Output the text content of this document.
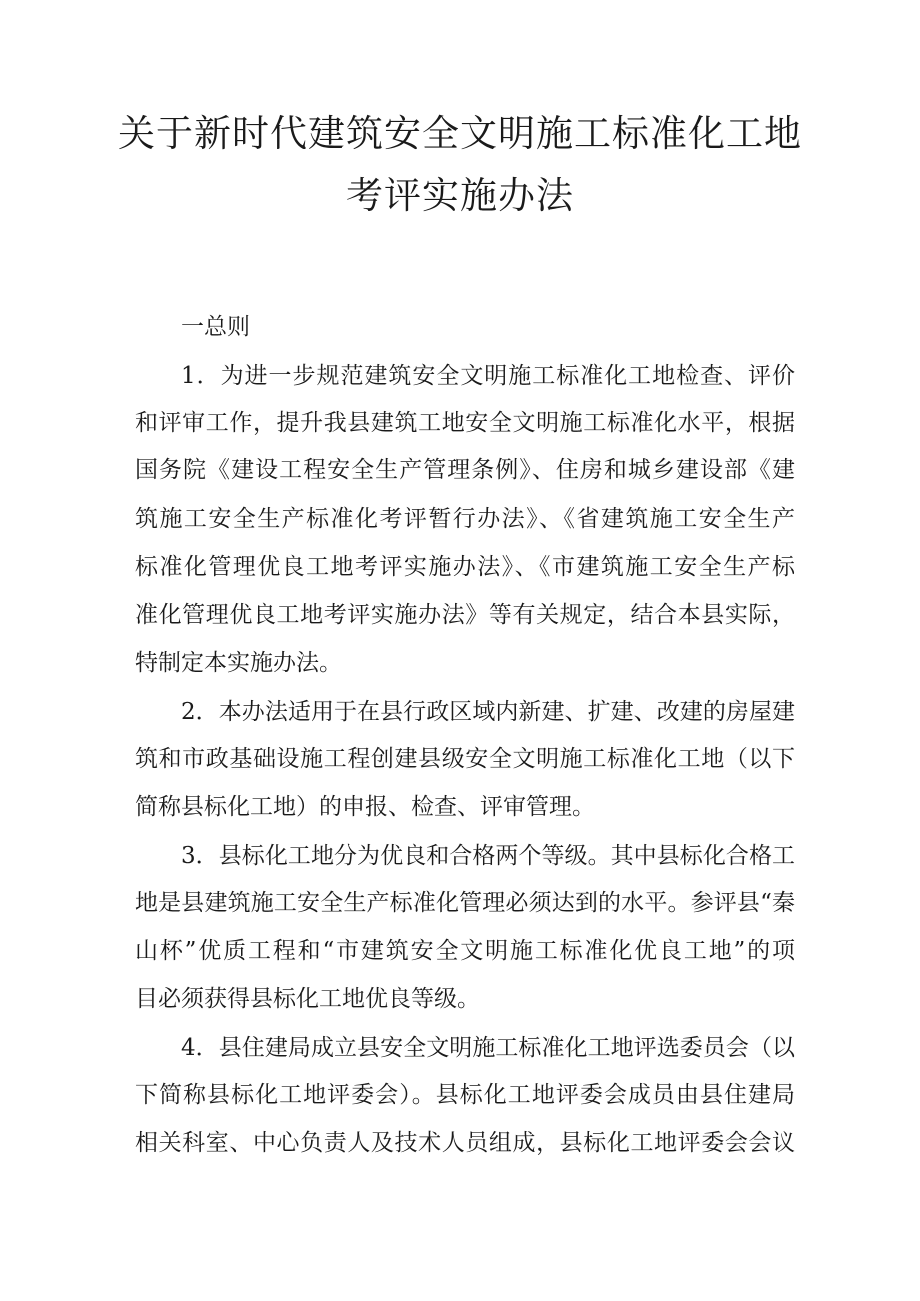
关于新时代建筑安全文明施工标准化工地
考评实施办法

一总则

1．为进一步规范建筑安全文明施工标准化工地检查、评价

和评审工作，提升我县建筑工地安全文明施工标准化水平，根据

国务院《建设工程安全生产管理条例》、住房和城乡建设部《建

筑施工安全生产标准化考评暂行办法》、《省建筑施工安全生产

标准化管理优良工地考评实施办法》、《市建筑施工安全生产标

准化管理优良工地考评实施办法》等有关规定，结合本县实际，

特制定本实施办法。

2．本办法适用于在县行政区域内新建、扩建、改建的房屋建

筑和市政基础设施工程创建县级安全文明施工标准化工地（以下

简称县标化工地）的申报、检查、评审管理。

3．县标化工地分为优良和合格两个等级。其中县标化合格工

地是县建筑施工安全生产标准化管理必须达到的水平。参评县“秦

山杯”优质工程和“市建筑安全文明施工标准化优良工地”的项

目必须获得县标化工地优良等级。

4．县住建局成立县安全文明施工标准化工地评选委员会（以

下简称县标化工地评委会）。县标化工地评委会成员由县住建局

相关科室、中心负责人及技术人员组成，县标化工地评委会会议
